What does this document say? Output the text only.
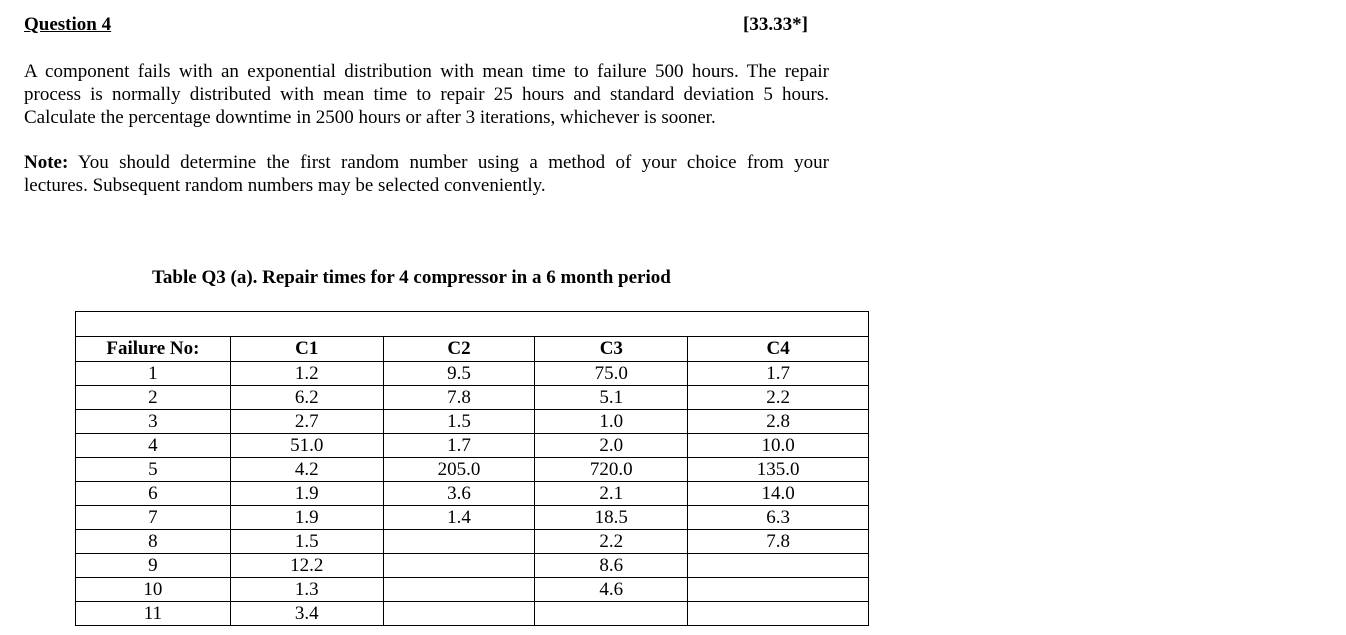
Question 4	[33.33*]
A component fails with an exponential distribution with mean time to failure 500 hours. The repair
process is normally distributed with mean time to repair 25 hours and standard deviation 5 hours.
Calculate the percentage downtime in 2500 hours or after 3 iterations, whichever is sooner.
Note: You should determine the first random number using a method of your choice from your
lectures. Subsequent random numbers may be selected conveniently.
Table Q3 (a). Repair times for 4 compressor in a 6 month period

Failure No:	C1	C2	C3	C4
1	1.2	9.5	75.0	1.7
2	6.2	7.8	5.1	2.2
3	2.7	1.5	1.0	2.8
4	51.0	1.7	2.0	10.0
5	4.2	205.0	720.0	135.0
6	1.9	3.6	2.1	14.0
7	1.9	1.4	18.5	6.3
8	1.5		2.2	7.8
9	12.2		8.6	
10	1.3		4.6	
11	3.4			
